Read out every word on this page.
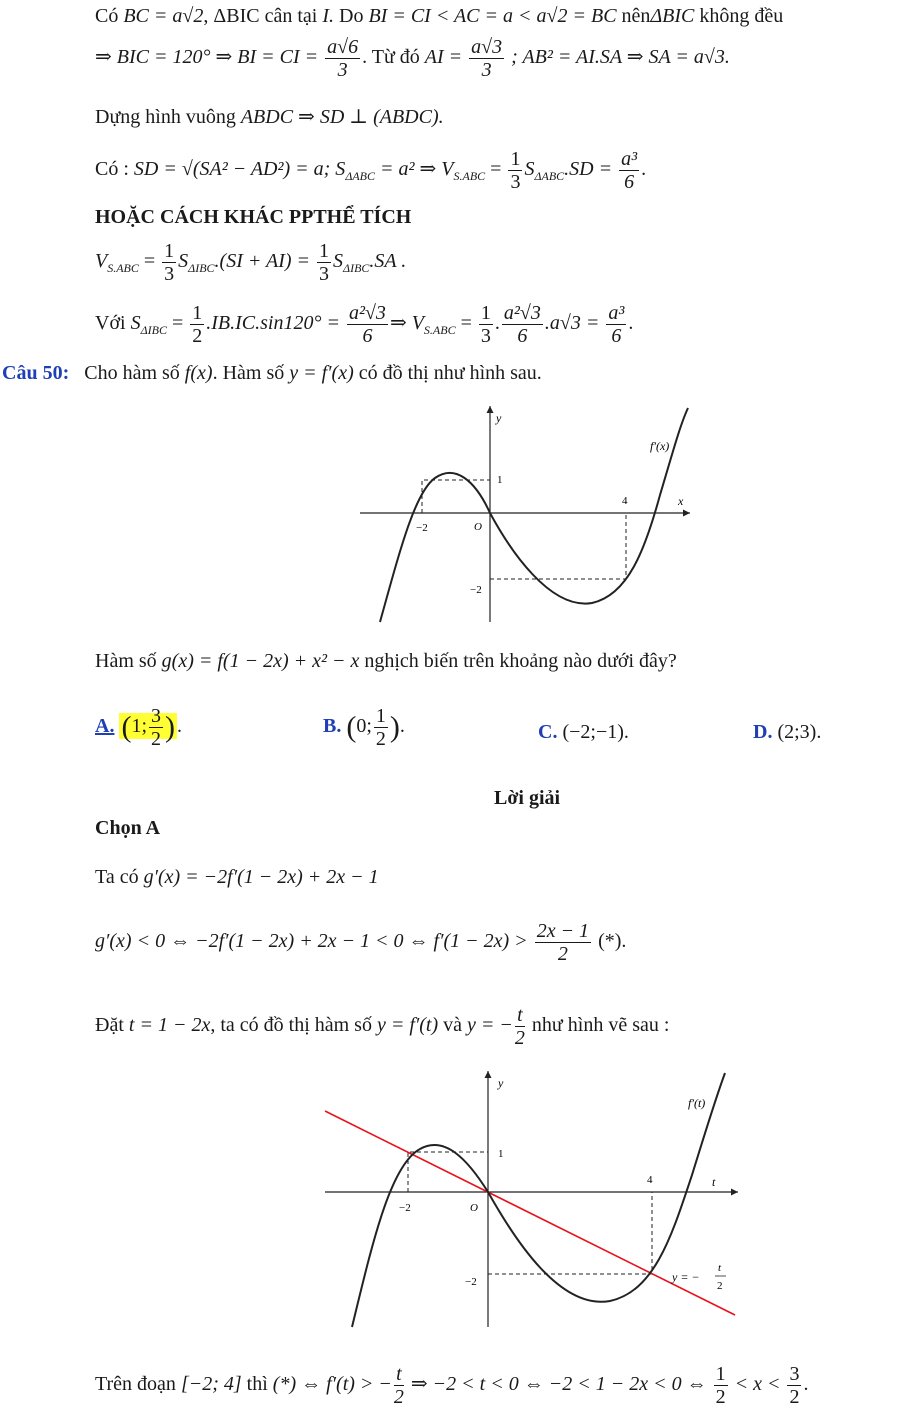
Có BC = a√2, ΔBIC cân tại I. Do BI = CI < AC = a < a√2 = BC nênΔBIC không đều
⇒ BIC = 120° ⇒ BI = CI = $\frac{a√6}{3}$ . Từ đó AI = $\frac{a√3}{3}$ ; AB² = AI.SA ⇒ SA = a√3.
Dựng hình vuông ABDC ⇒ SD ⊥ (ABDC).
Có : SD = √(SA² − AD²) = a; $S_{\Delta ABC} = a^2$ ⇒ $V_{S.ABC} = \frac{1}{3} S_{\Delta ABC}.SD = \frac{\text{a³}}{6}$ .
HOẶC CÁCH KHÁC PPTHỂ TÍCH
$V_{S.ABC} = \frac{1}{3} S_{\Delta IBC}.(SI + AI) = \frac{1}{3} S_{\Delta IBC}.SA$ .
Với $S_{\Delta IBC} = \frac{1}{2} .IB.IC.\sin 120^\circ = \frac{\text{a²√3}}{6}$ ⇒ $V_{S.ABC} = \frac{1}{3}$ . $\frac{\text{a²√3}}{6} .a√3 = \frac{\text{a³}}{6}$ .
Câu 50: Cho hàm số f(x). Hàm số y = f′(x) có đồ thị như hình sau.
y
x
f′(x)
1
4
−2
−2
O
Hàm số g(x) = f(1 − 2x) + x² − x nghịch biến trên khoảng nào dưới đây?
A. (1; $\frac{3}{2}$ ) .	B. (0; $\frac{1}{2}$ ).	C. (−2;−1).	D. (2;3).
Lời giải
Chọn A
Ta có g′(x) = −2f′(1 − 2x) + 2x − 1
g′(x) < 0 ⇔ −2f′(1 − 2x) + 2x − 1 < 0 ⇔ $f'(1 - 2x) > \frac{2x - 1}{2}$ (*).
Đặt t = 1 − 2x, ta có đồ thị hàm số y = f′(t) và y = − $\frac{t}{2}$ như hình vẽ sau :
y
t
f′(t)
1
4
−2
−2
O
y = −
t
2
Trên đoạn [−2; 4] thì (*) ⇔ f′(t) > − $\frac{t}{2}$ ⇒ −2 < t < 0 ⇔ −2 < 1 − 2x < 0 ⇔ $\frac{1}{2} < x < \frac{3}{2}$ .
